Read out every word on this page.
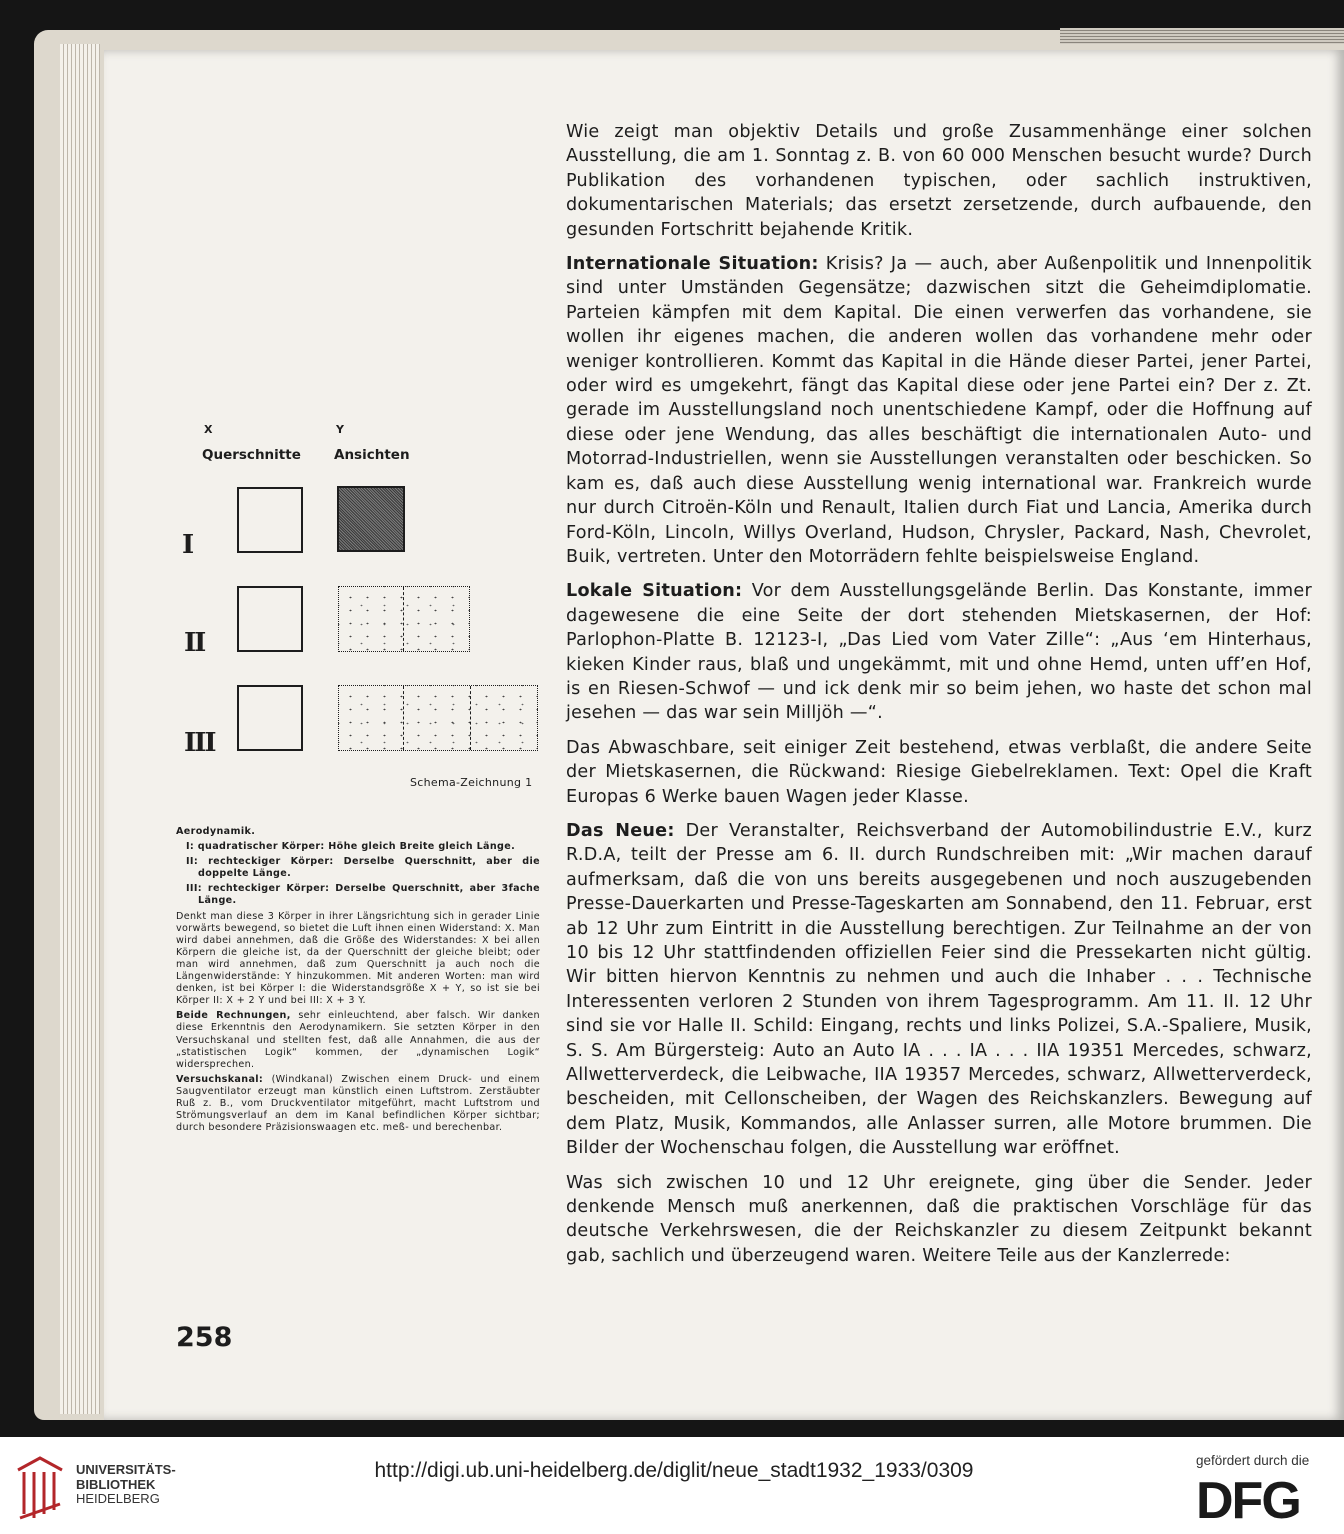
Wie zeigt man objektiv Details und große Zusammenhänge einer solchen Ausstellung, die am 1. Sonntag z. B. von 60 000 Menschen besucht wurde? Durch Publikation des vorhandenen typischen, oder sachlich instruktiven, dokumentarischen Materials; das ersetzt zersetzende, durch aufbauende, den gesunden Fortschritt bejahende Kritik.

Internationale Situation: Krisis? Ja — auch, aber Außenpolitik und Innenpolitik sind unter Umständen Gegensätze; dazwischen sitzt die Geheimdiplomatie. Parteien kämpfen mit dem Kapital. Die einen verwerfen das vorhandene, sie wollen ihr eigenes machen, die anderen wollen das vorhandene mehr oder weniger kontrollieren. Kommt das Kapital in die Hände dieser Partei, jener Partei, oder wird es umgekehrt, fängt das Kapital diese oder jene Partei ein? Der z. Zt. gerade im Ausstellungsland noch unentschiedene Kampf, oder die Hoffnung auf diese oder jene Wendung, das alles beschäftigt die internationalen Auto- und Motorrad-Industriellen, wenn sie Ausstellungen veranstalten oder beschicken. So kam es, daß auch diese Ausstellung wenig international war. Frankreich wurde nur durch Citroën-Köln und Renault, Italien durch Fiat und Lancia, Amerika durch Ford-Köln, Lincoln, Willys Overland, Hudson, Chrysler, Packard, Nash, Chevrolet, Buik, vertreten. Unter den Motorrädern fehlte beispielsweise England.

Lokale Situation: Vor dem Ausstellungsgelände Berlin. Das Konstante, immer dagewesene die eine Seite der dort stehenden Mietskasernen, der Hof: Parlophon-Platte B. 12123-I, „Das Lied vom Vater Zille“: „Aus ‘em Hinterhaus, kieken Kinder raus, blaß und ungekämmt, mit und ohne Hemd, unten uff’en Hof, is en Riesen-Schwof — und ick denk mir so beim jehen, wo haste det schon mal jesehen — das war sein Milljöh —“.

Das Abwaschbare, seit einiger Zeit bestehend, etwas verblaßt, die andere Seite der Mietskasernen, die Rückwand: Riesige Giebelreklamen. Text: Opel die Kraft Europas 6 Werke bauen Wagen jeder Klasse.

Das Neue: Der Veranstalter, Reichsverband der Automobilindustrie E.V., kurz R.D.A, teilt der Presse am 6. II. durch Rundschreiben mit: „Wir machen darauf aufmerksam, daß die von uns bereits ausgegebenen und noch auszugebenden Presse-Dauerkarten und Presse-Tageskarten am Sonnabend, den 11. Februar, erst ab 12 Uhr zum Eintritt in die Ausstellung berechtigen. Zur Teilnahme an der von 10 bis 12 Uhr stattfindenden offiziellen Feier sind die Pressekarten nicht gültig. Wir bitten hiervon Kenntnis zu nehmen und auch die Inhaber . . . Technische Interessenten verloren 2 Stunden von ihrem Tagesprogramm. Am 11. II. 12 Uhr sind sie vor Halle II. Schild: Eingang, rechts und links Polizei, S.A.-Spaliere, Musik, S. S. Am Bürgersteig: Auto an Auto IA . . . IA . . . IIA 19351 Mercedes, schwarz, Allwetterverdeck, die Leibwache, IIA 19357 Mercedes, schwarz, Allwetterverdeck, bescheiden, mit Cellonscheiben, der Wagen des Reichskanzlers. Bewegung auf dem Platz, Musik, Kommandos, alle Anlasser surren, alle Motore brummen. Die Bilder der Wochenschau folgen, die Ausstellung war eröffnet.

Was sich zwischen 10 und 12 Uhr ereignete, ging über die Sender. Jeder denkende Mensch muß anerkennen, daß die praktischen Vorschläge für das deutsche Verkehrswesen, die der Reichskanzler zu diesem Zeitpunkt bekannt gab, sachlich und überzeugend waren. Weitere Teile aus der Kanzlerrede:

X	Y
Querschnitte Ansichten
I
II
III
Schema-Zeichnung 1
Aerodynamik.
I: quadratischer Körper: Höhe gleich Breite gleich Länge.
II: rechteckiger Körper: Derselbe Querschnitt, aber die doppelte Länge.
III: rechteckiger Körper: Derselbe Querschnitt, aber 3fache Länge.

Denkt man diese 3 Körper in ihrer Längsrichtung sich in gerader Linie vorwärts bewegend, so bietet die Luft ihnen einen Widerstand: X. Man wird dabei annehmen, daß die Größe des Widerstandes: X bei allen Körpern die gleiche ist, da der Querschnitt der gleiche bleibt; oder man wird annehmen, daß zum Querschnitt ja auch noch die Längenwiderstände: Y hinzukommen. Mit anderen Worten: man wird denken, ist bei Körper I: die Widerstandsgröße X + Y, so ist sie bei Körper II: X + 2 Y und bei III: X + 3 Y.

Beide Rechnungen, sehr einleuchtend, aber falsch. Wir danken diese Erkenntnis den Aerodynamikern. Sie setzten Körper in den Versuchskanal und stellten fest, daß alle Annahmen, die aus der „statistischen Logik“ kommen, der „dynamischen Logik“ widersprechen.

Versuchskanal: (Windkanal) Zwischen einem Druck- und einem Saugventilator erzeugt man künstlich einen Luftstrom. Zerstäubter Ruß z. B., vom Druckventilator mitgeführt, macht Luftstrom und Strömungsverlauf an dem im Kanal befindlichen Körper sichtbar; durch besondere Präzisionswaagen etc. meß- und berechenbar.

258
UNIVERSITÄTS-
BIBLIOTHEK
HEIDELBERG
http://digi.ub.uni-heidelberg.de/diglit/neue_stadt1932_1933/0309	gefördert durch die
DFG
